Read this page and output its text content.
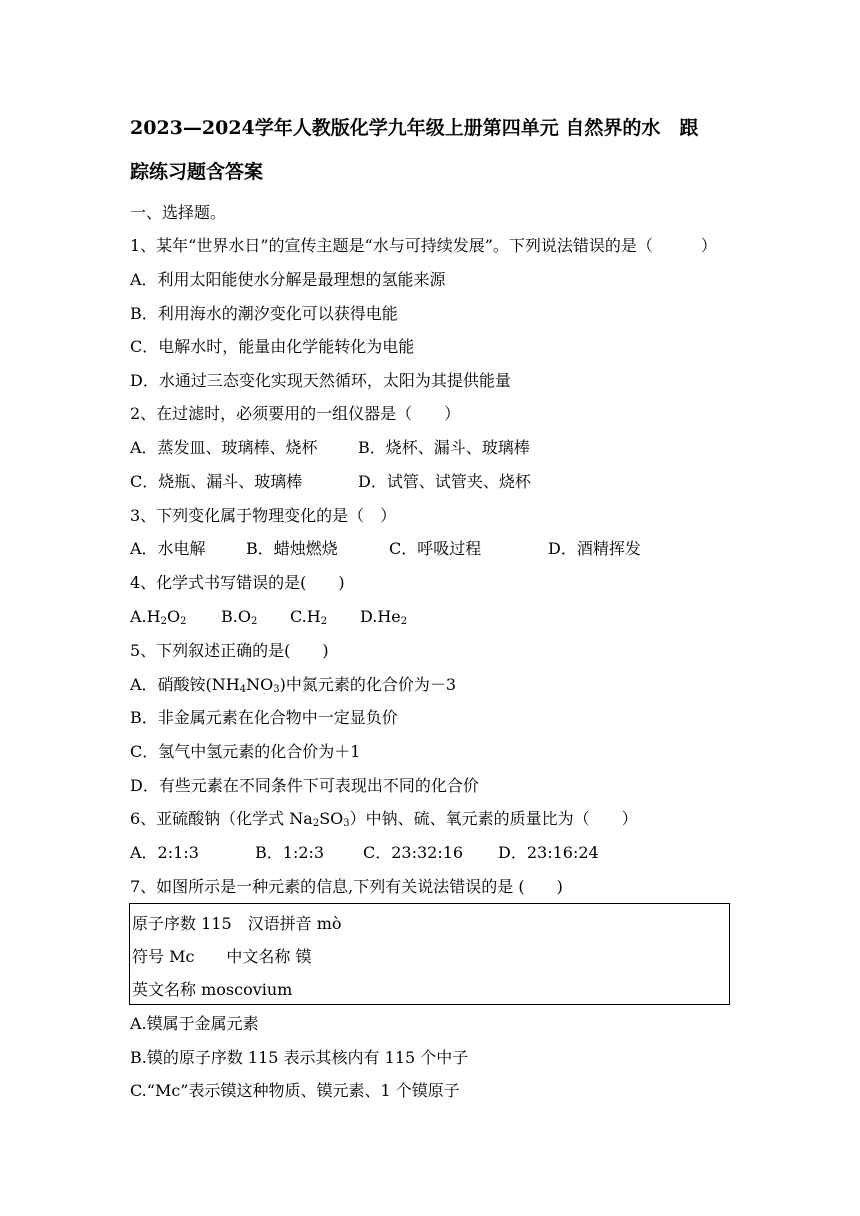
2023—2024学年人教版化学九年级上册第四单元 自然界的水　跟
踪练习题含答案
一、选择题。
1、某年“世界水日”的宣传主题是“水与可持续发展”。下列说法错误的是（　　　）
A．利用太阳能使水分解是最理想的氢能来源
B．利用海水的潮汐变化可以获得电能
C．电解水时，能量由化学能转化为电能
D．水通过三态变化实现天然循环，太阳为其提供能量
2、在过滤时，必须要用的一组仪器是（　　）
A．蒸发皿、玻璃棒、烧杯	B．烧杯、漏斗、玻璃棒
C．烧瓶、漏斗、玻璃棒	D．试管、试管夹、烧杯
3、下列变化属于物理变化的是（　）
A．水电解	B．蜡烛燃烧	C．呼吸过程	D．酒精挥发
4、化学式书写错误的是(　　)
$A.H_2O_2$ $B.O_2$ $C.H_2$ $D.He_2$
5、下列叙述正确的是(　　)
A．硝酸铵$(NH_4NO_3)$中氮元素的化合价为－3
B．非金属元素在化合物中一定显负价
C．氢气中氢元素的化合价为＋1
D．有些元素在不同条件下可表现出不同的化合价
6、亚硫酸钠（化学式 $Na_2SO_3$）中钠、硫、氧元素的质量比为（　　）
A．2:1:3	B．1:2:3 C．23:32:16 D．23:16:24
7、如图所示是一种元素的信息,下列有关说法错误的是 (　　)
原子序数 115　汉语拼音 mò
符号 Mc　　中文名称 镆
英文名称 moscovium
A.镆属于金属元素
B.镆的原子序数 115 表示其核内有 115 个中子
C.“Mc”表示镆这种物质、镆元素、1 个镆原子
